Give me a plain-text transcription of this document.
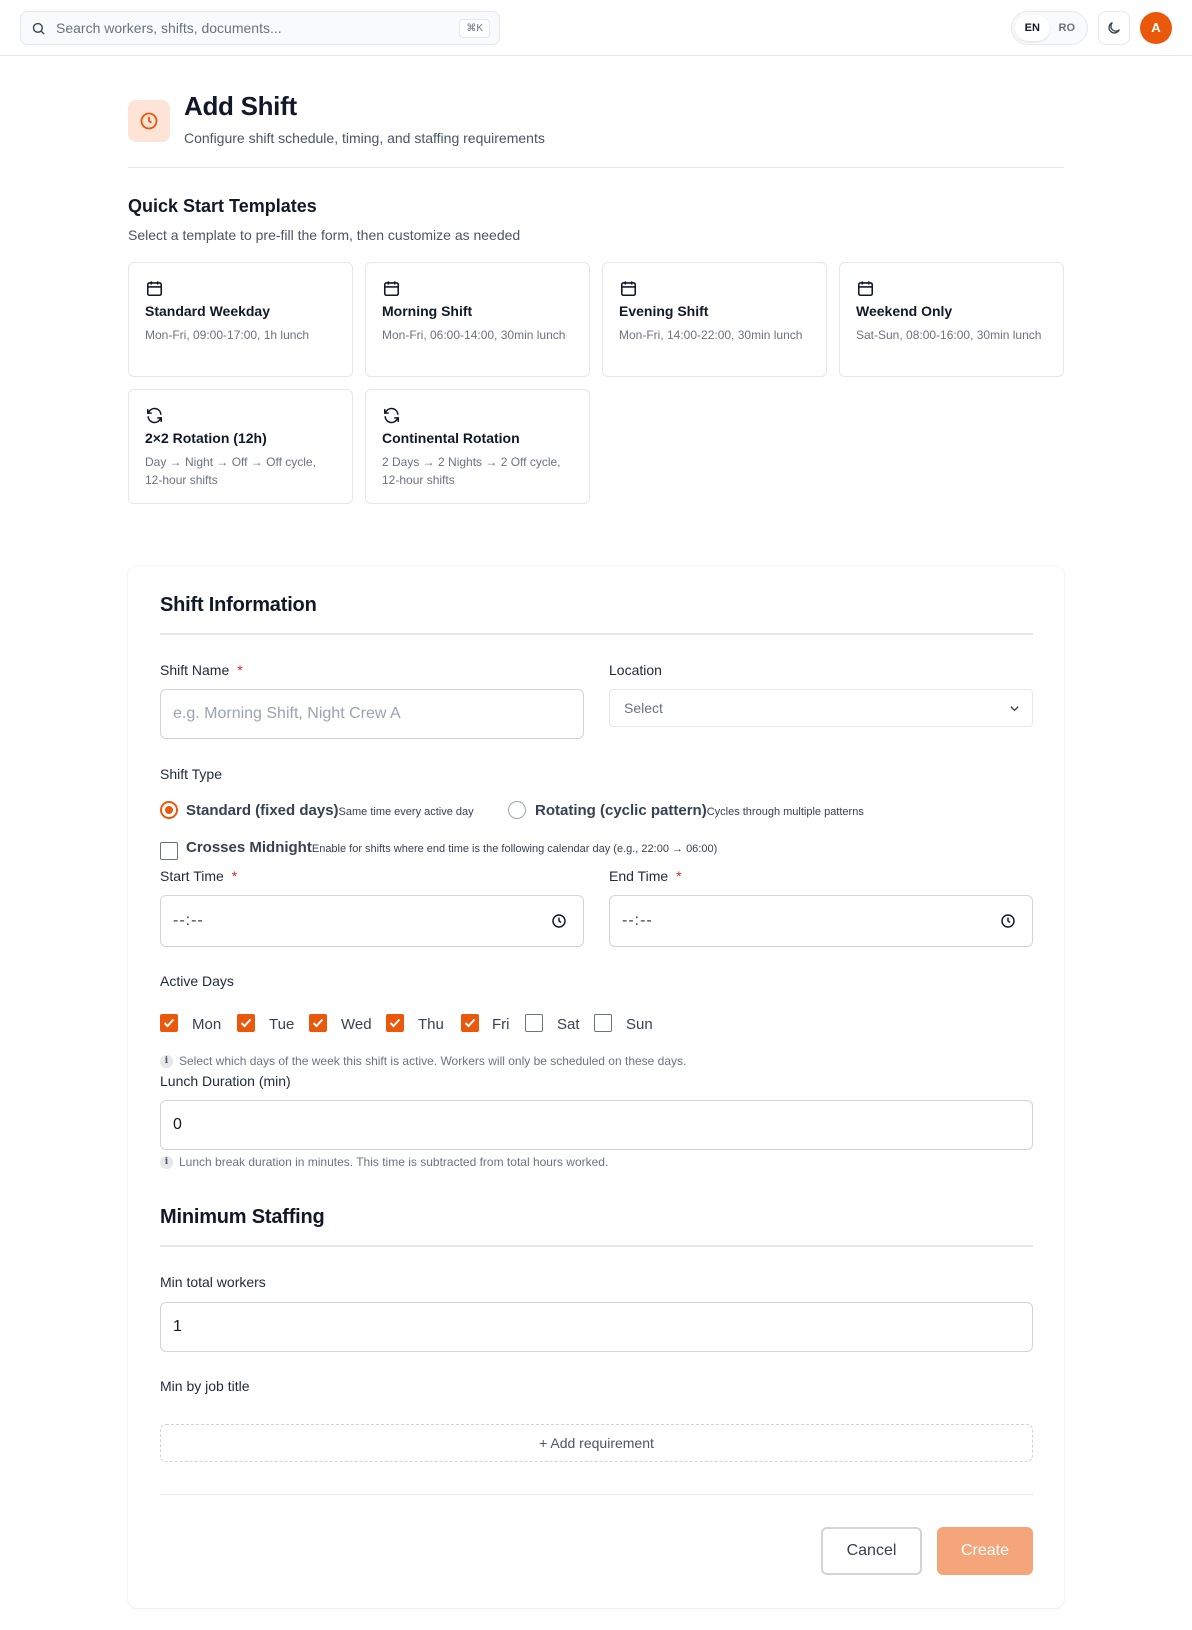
Search workers, shifts, documents...
⌘K	EN	RO	A
Add Shift
Configure shift schedule, timing, and staffing requirements
Quick Start Templates
Select a template to pre-fill the form, then customize as needed
Standard Weekday
Mon-Fri, 09:00-17:00, 1h lunch
Morning Shift
Mon-Fri, 06:00-14:00, 30min lunch
Evening Shift
Mon-Fri, 14:00-22:00, 30min lunch
Weekend Only
Sat-Sun, 08:00-16:00, 30min lunch
2×2 Rotation (12h)
Day → Night → Off → Off cycle, 12-hour shifts
Continental Rotation
2 Days → 2 Nights → 2 Off cycle, 12-hour shifts
Shift Information
Shift Name *
e.g. Morning Shift, Night Crew A	Location
Select
Shift Type
Standard (fixed days)Same time every active day	Rotating (cyclic pattern)Cycles through multiple patterns
Crosses MidnightEnable for shifts where end time is the following calendar day (e.g., 22:00 → 06:00)
Start Time *
--:--
End Time *
--:--
Active Days
Mon	Tue	Wed	Thu	Fri	Sat	Sun
i Select which days of the week this shift is active. Workers will only be scheduled on these days.
Lunch Duration (min)
0
i Lunch break duration in minutes. This time is subtracted from total hours worked.
Minimum Staffing
Min total workers
1
Min by job title
+ Add requirement
Cancel	Create
